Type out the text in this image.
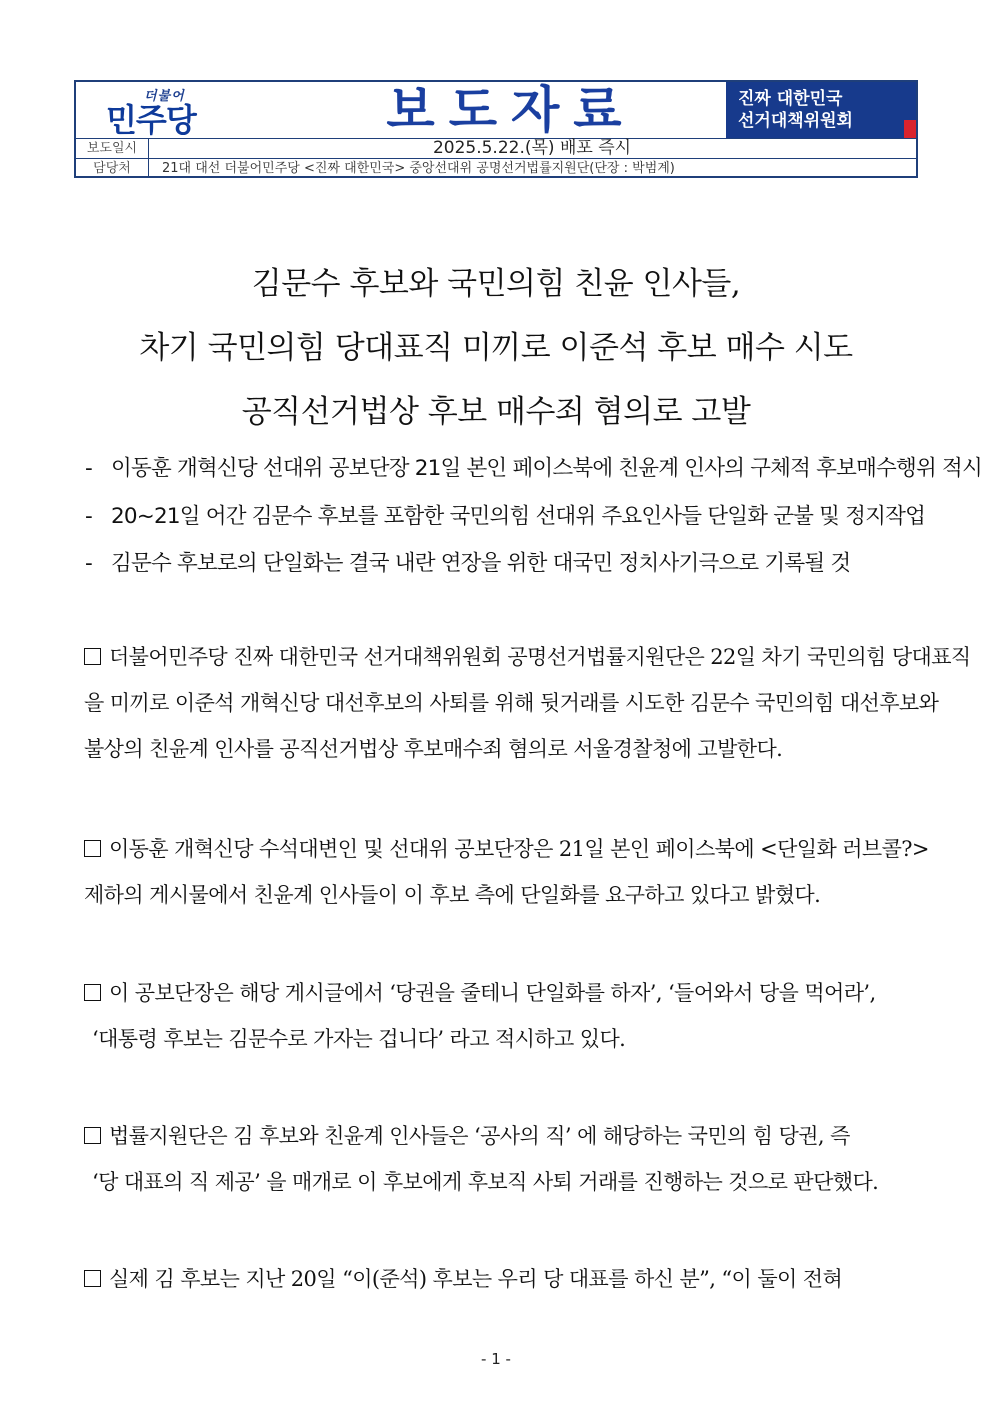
더불어
민주당	보도자료	진짜 대한민국
선거대책위원회
보도일시	2025.5.22.(목) 배포 즉시
담당처	21대 대선 더불어민주당 <진짜 대한민국> 중앙선대위 공명선거법률지원단(단장 : 박범계)
김문수 후보와 국민의힘 친윤 인사들,
차기 국민의힘 당대표직 미끼로 이준석 후보 매수 시도
공직선거법상 후보 매수죄 혐의로 고발
- 이동훈 개혁신당 선대위 공보단장 21일 본인 페이스북에 친윤계 인사의 구체적 후보매수행위 적시
- 20~21일 어간 김문수 후보를 포함한 국민의힘 선대위 주요인사들 단일화 군불 및 정지작업
- 김문수 후보로의 단일화는 결국 내란 연장을 위한 대국민 정치사기극으로 기록될 것
더불어민주당 진짜 대한민국 선거대책위원회 공명선거법률지원단은 22일 차기 국민의힘 당대표직
을 미끼로 이준석 개혁신당 대선후보의 사퇴를 위해 뒷거래를 시도한 김문수 국민의힘 대선후보와
불상의 친윤계 인사를 공직선거법상 후보매수죄 혐의로 서울경찰청에 고발한다.
이동훈 개혁신당 수석대변인 및 선대위 공보단장은 21일 본인 페이스북에 <단일화 러브콜?>
제하의 게시물에서 친윤계 인사들이 이 후보 측에 단일화를 요구하고 있다고 밝혔다.
이 공보단장은 해당 게시글에서 ‘당권을 줄테니 단일화를 하자’, ‘들어와서 당을 먹어라’,
‘대통령 후보는 김문수로 가자는 겁니다’ 라고 적시하고 있다.
법률지원단은 김 후보와 친윤계 인사들은 ‘공사의 직’ 에 해당하는 국민의 힘 당권, 즉
‘당 대표의 직 제공’ 을 매개로 이 후보에게 후보직 사퇴 거래를 진행하는 것으로 판단했다.
실제 김 후보는 지난 20일 “이(준석) 후보는 우리 당 대표를 하신 분”, “이 둘이 전혀
- 1 -
